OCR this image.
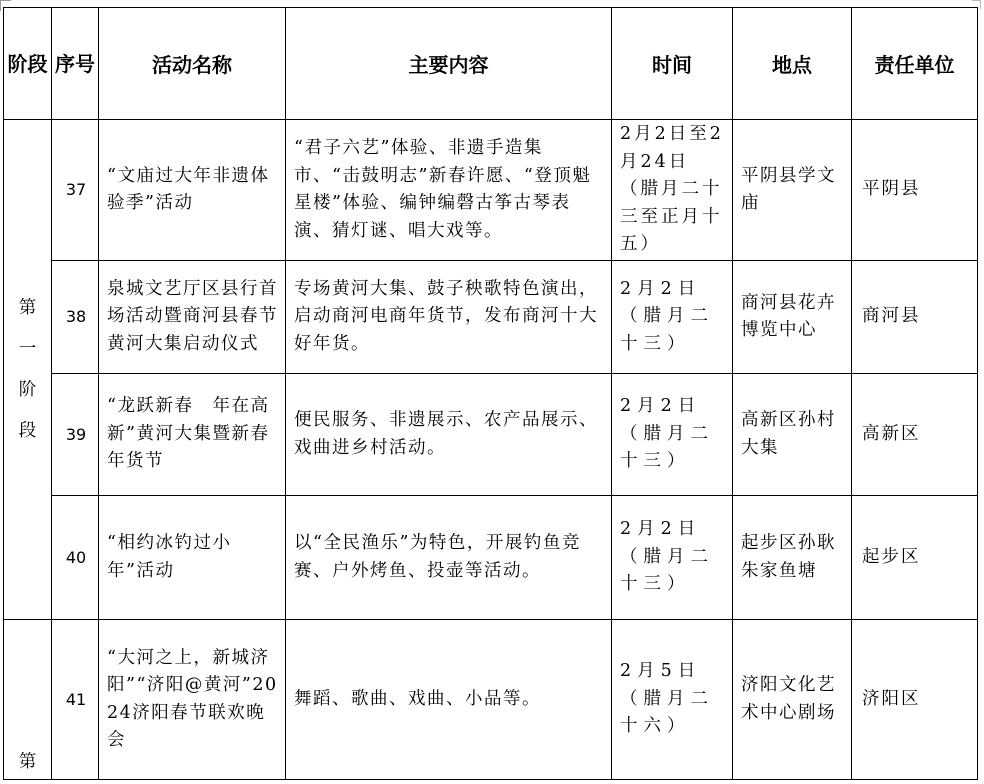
阶段	序号	活动名称	主要内容	时间	地点	责任单位

第一阶段	37	“文庙过大年非遗体验季”活动	“君子六艺”体验、非遗手造集市、“击鼓明志”新春许愿、“登顶魁星楼”体验、编钟编磬古筝古琴表演、猜灯谜、唱大戏等。	2月2日至2月24日（腊月二十三至正月十五）	平阴县学文庙	平阴县
	38	泉城文艺厅区县行首场活动暨商河县春节黄河大集启动仪式	专场黄河大集、鼓子秧歌特色演出，启动商河电商年货节，发布商河十大好年货。	2月2日（腊月二十三）	商河县花卉博览中心	商河县
	39	“龙跃新春　年在高新”黄河大集暨新春年货节	便民服务、非遗展示、农产品展示、戏曲进乡村活动。	2月2日（腊月二十三）	高新区孙村大集	高新区
	40	“相约冰钓过小年”活动	以“全民渔乐”为特色，开展钓鱼竞赛、户外烤鱼、投壶等活动。	2月2日（腊月二十三）	起步区孙耿朱家鱼塘	起步区

第	41	“大河之上，新城济阳”“济阳@黄河”2024济阳春节联欢晚会	舞蹈、歌曲、戏曲、小品等。	2月5日（腊月二十六）	济阳文化艺术中心剧场	济阳区
